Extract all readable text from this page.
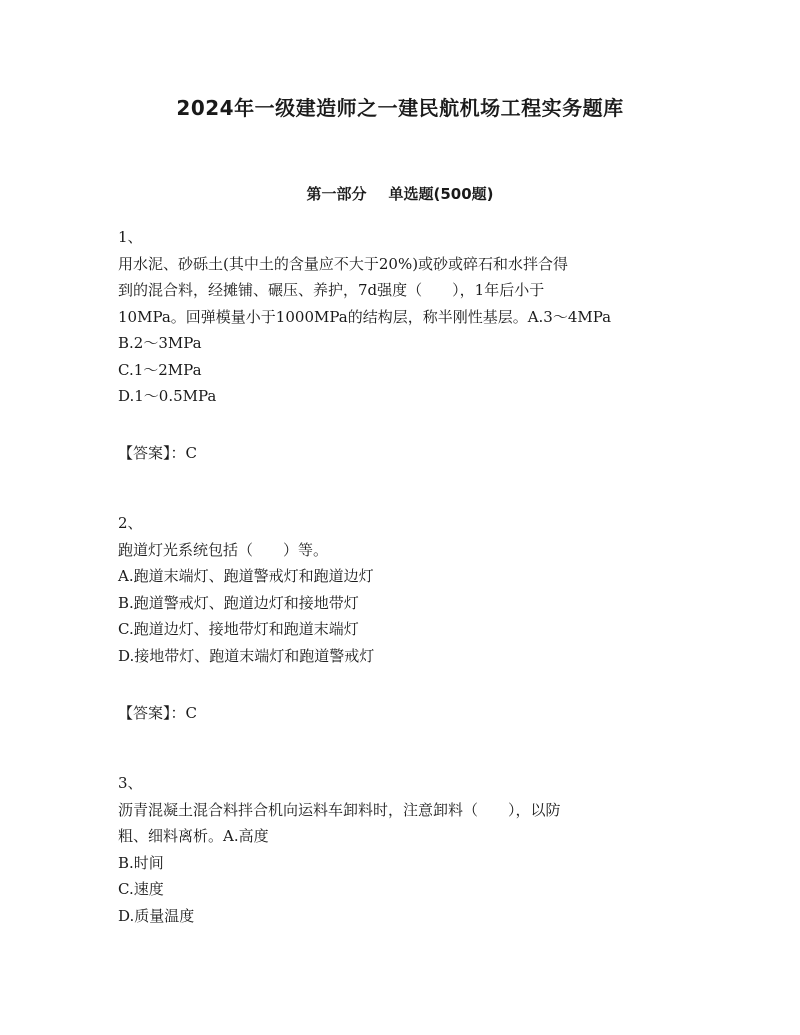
2024年一级建造师之一建民航机场工程实务题库
第一部分 单选题(500题)
1、
用水泥、砂砾土(其中土的含量应不大于20%)或砂或碎石和水拌合得
到的混合料，经摊铺、碾压、养护，7d强度（　　），1年后小于
10MPa。回弹模量小于1000MPa的结构层，称半刚性基层。A.3～4MPa
B.2～3MPa
C.1～2MPa
D.1～0.5MPa
【答案】：C
2、
跑道灯光系统包括（　　）等。
A.跑道末端灯、跑道警戒灯和跑道边灯
B.跑道警戒灯、跑道边灯和接地带灯
C.跑道边灯、接地带灯和跑道末端灯
D.接地带灯、跑道末端灯和跑道警戒灯
【答案】：C
3、
沥青混凝土混合料拌合机向运料车卸料时，注意卸料（　　），以防
粗、细料离析。A.高度
B.时间
C.速度
D.质量温度
